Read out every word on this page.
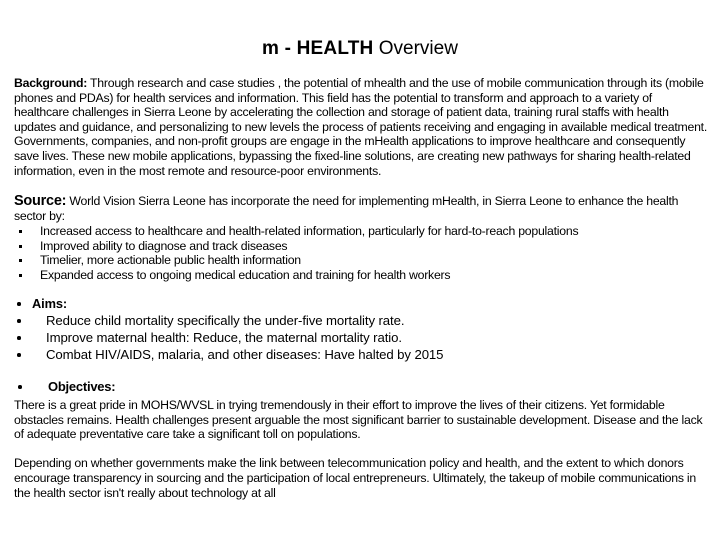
m - HEALTH Overview

Background: Through research and case studies , the potential of mhealth and the use of mobile communication through its (mobile phones and PDAs) for health services and information. This field has the potential to transform and approach to a variety of healthcare challenges in Sierra Leone by accelerating the collection and storage of patient data, training rural staffs with health updates and guidance, and personalizing to new levels the process of patients receiving and engaging in available medical treatment. Governments, companies, and non-profit groups are engage in the mHealth applications to improve healthcare and consequently save lives. These new mobile applications, bypassing the fixed-line solutions, are creating new pathways for sharing health-related information, even in the most remote and resource-poor environments.

Source: World Vision Sierra Leone has incorporate the need for implementing mHealth, in Sierra Leone to enhance the health sector by:

Increased access to healthcare and health-related information, particularly for hard-to-reach populations
Improved ability to diagnose and track diseases
Timelier, more actionable public health information
Expanded access to ongoing medical education and training for health workers
Aims:
Reduce child mortality specifically the under-five mortality rate.
Improve maternal health: Reduce, the maternal mortality ratio.
Combat HIV/AIDS, malaria, and other diseases: Have halted by 2015
Objectives:

There is a great pride in MOHS/WVSL in trying tremendously in their effort to improve the lives of their citizens. Yet formidable obstacles remains. Health challenges present arguable the most significant barrier to sustainable development. Disease and the lack of adequate preventative care take a significant toll on populations.

Depending on whether governments make the link between telecommunication policy and health, and the extent to which donors encourage transparency in sourcing and the participation of local entrepreneurs. Ultimately, the takeup of mobile communications in the health sector isn't really about technology at all
